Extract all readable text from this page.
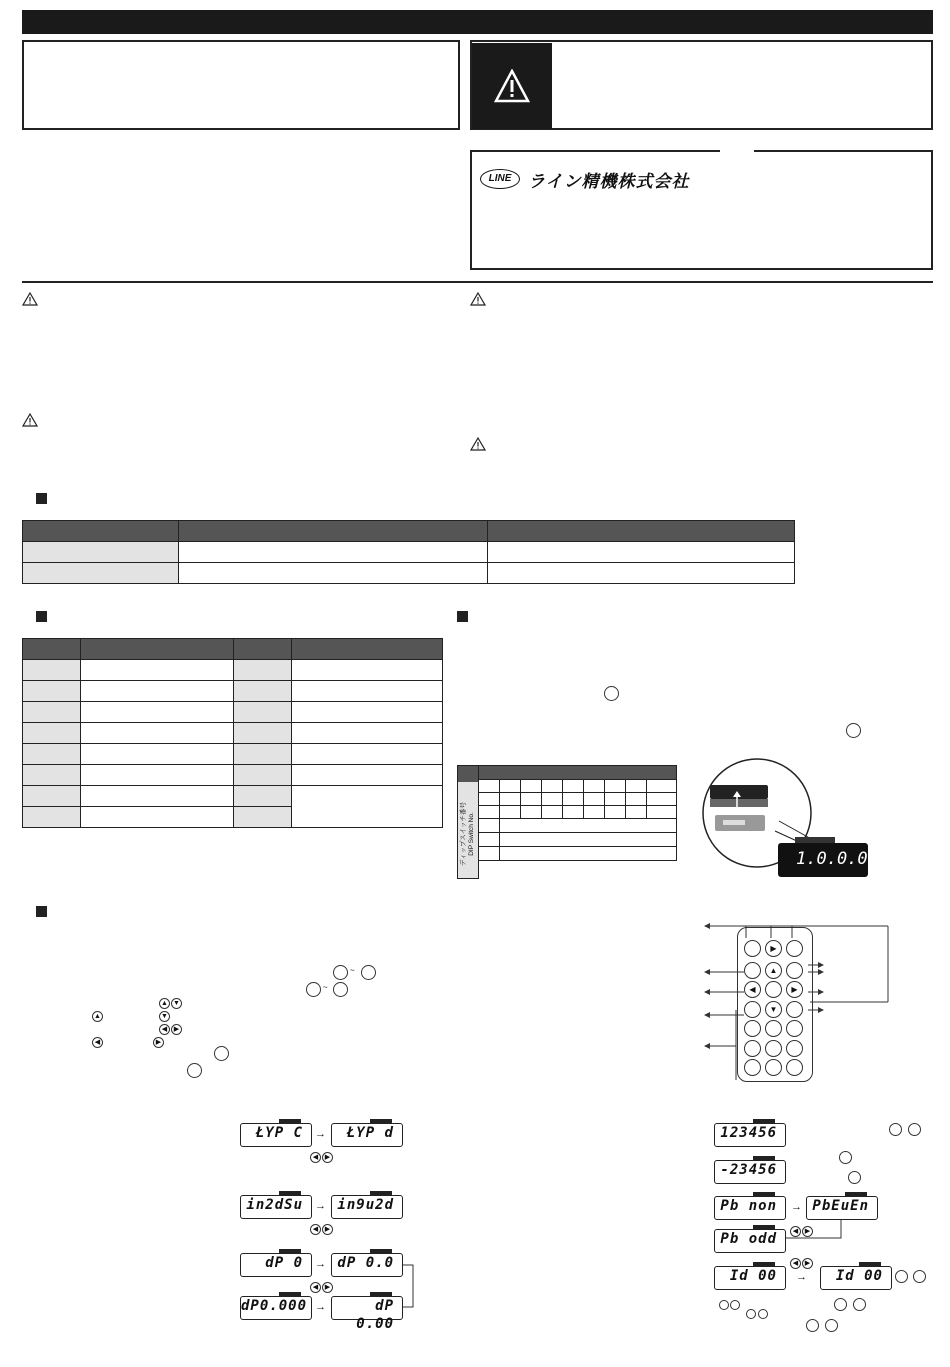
LINE ライン精機株式会社

ディップスイッチ番号 DIP Switch No.

1.0.0.0.0.0
~
~
▲ ▼
▲	▼
◀ ▶
◀	▶
▶
▲
◀	▶
▼
ŁYP C	→	ŁYP d
◀ ▶
in2dSu	→ in9u2d
◀ ▶
dP 0	→ dP 0.0
◀ ▶
dP0.000 →	dP 0.00
123456
-23456
Pb non	→ PbEuEn
Pb odd	◀ ▶
Id 00
◀ ▶
→	Id 00
